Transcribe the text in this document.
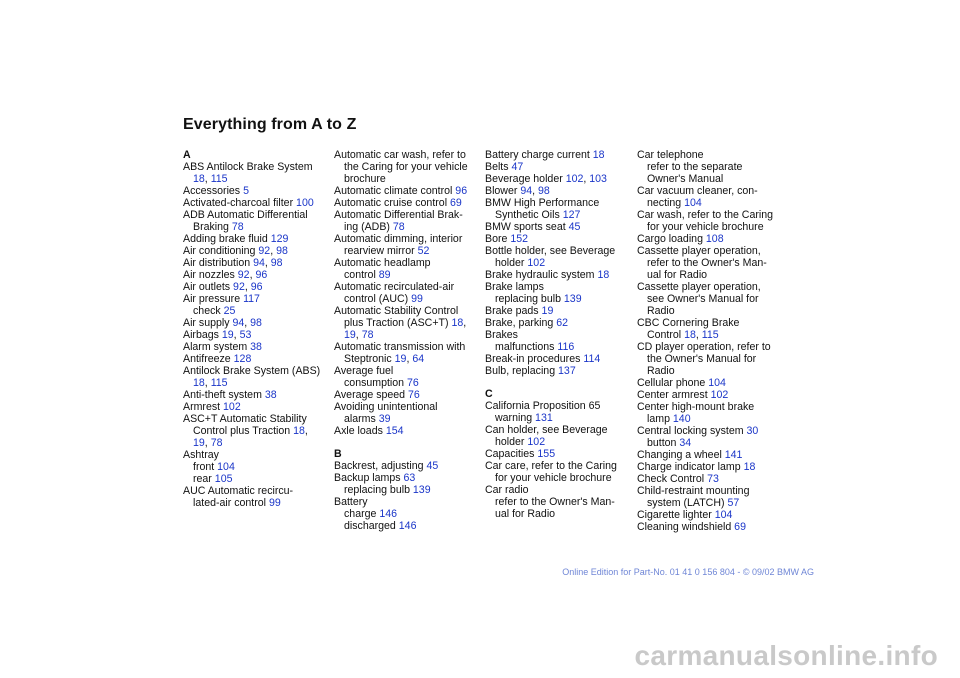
Everything from A to Z
A
ABS Antilock Brake System
18, 115
Accessories 5
Activated-charcoal filter 100
ADB Automatic Differential
Braking 78
Adding brake fluid 129
Air conditioning 92, 98
Air distribution 94, 98
Air nozzles 92, 96
Air outlets 92, 96
Air pressure 117
check 25
Air supply 94, 98
Airbags 19, 53
Alarm system 38
Antifreeze 128
Antilock Brake System (ABS)
18, 115
Anti-theft system 38
Armrest 102
ASC+T Automatic Stability
Control plus Traction 18,
19, 78
Ashtray
front 104
rear 105
AUC Automatic recircu-
lated-air control 99
Automatic car wash, refer to
the Caring for your vehicle
brochure
Automatic climate control 96
Automatic cruise control 69
Automatic Differential Brak-
ing (ADB) 78
Automatic dimming, interior
rearview mirror 52
Automatic headlamp
control 89
Automatic recirculated-air
control (AUC) 99
Automatic Stability Control
plus Traction (ASC+T) 18,
19, 78
Automatic transmission with
Steptronic 19, 64
Average fuel
consumption 76
Average speed 76
Avoiding unintentional
alarms 39
Axle loads 154
B
Backrest, adjusting 45
Backup lamps 63
replacing bulb 139
Battery
charge 146
discharged 146
Battery charge current 18
Belts 47
Beverage holder 102, 103
Blower 94, 98
BMW High Performance
Synthetic Oils 127
BMW sports seat 45
Bore 152
Bottle holder, see Beverage
holder 102
Brake hydraulic system 18
Brake lamps
replacing bulb 139
Brake pads 19
Brake, parking 62
Brakes
malfunctions 116
Break-in procedures 114
Bulb, replacing 137
C
California Proposition 65
warning 131
Can holder, see Beverage
holder 102
Capacities 155
Car care, refer to the Caring
for your vehicle brochure
Car radio
refer to the Owner's Man-
ual for Radio
Car telephone
refer to the separate
Owner's Manual
Car vacuum cleaner, con-
necting 104
Car wash, refer to the Caring
for your vehicle brochure
Cargo loading 108
Cassette player operation,
refer to the Owner's Man-
ual for Radio
Cassette player operation,
see Owner's Manual for
Radio
CBC Cornering Brake
Control 18, 115
CD player operation, refer to
the Owner's Manual for
Radio
Cellular phone 104
Center armrest 102
Center high-mount brake
lamp 140
Central locking system 30
button 34
Changing a wheel 141
Charge indicator lamp 18
Check Control 73
Child-restraint mounting
system (LATCH) 57
Cigarette lighter 104
Cleaning windshield 69
Online Edition for Part-No. 01 41 0 156 804 - © 09/02 BMW AG
carmanualsonline.info
